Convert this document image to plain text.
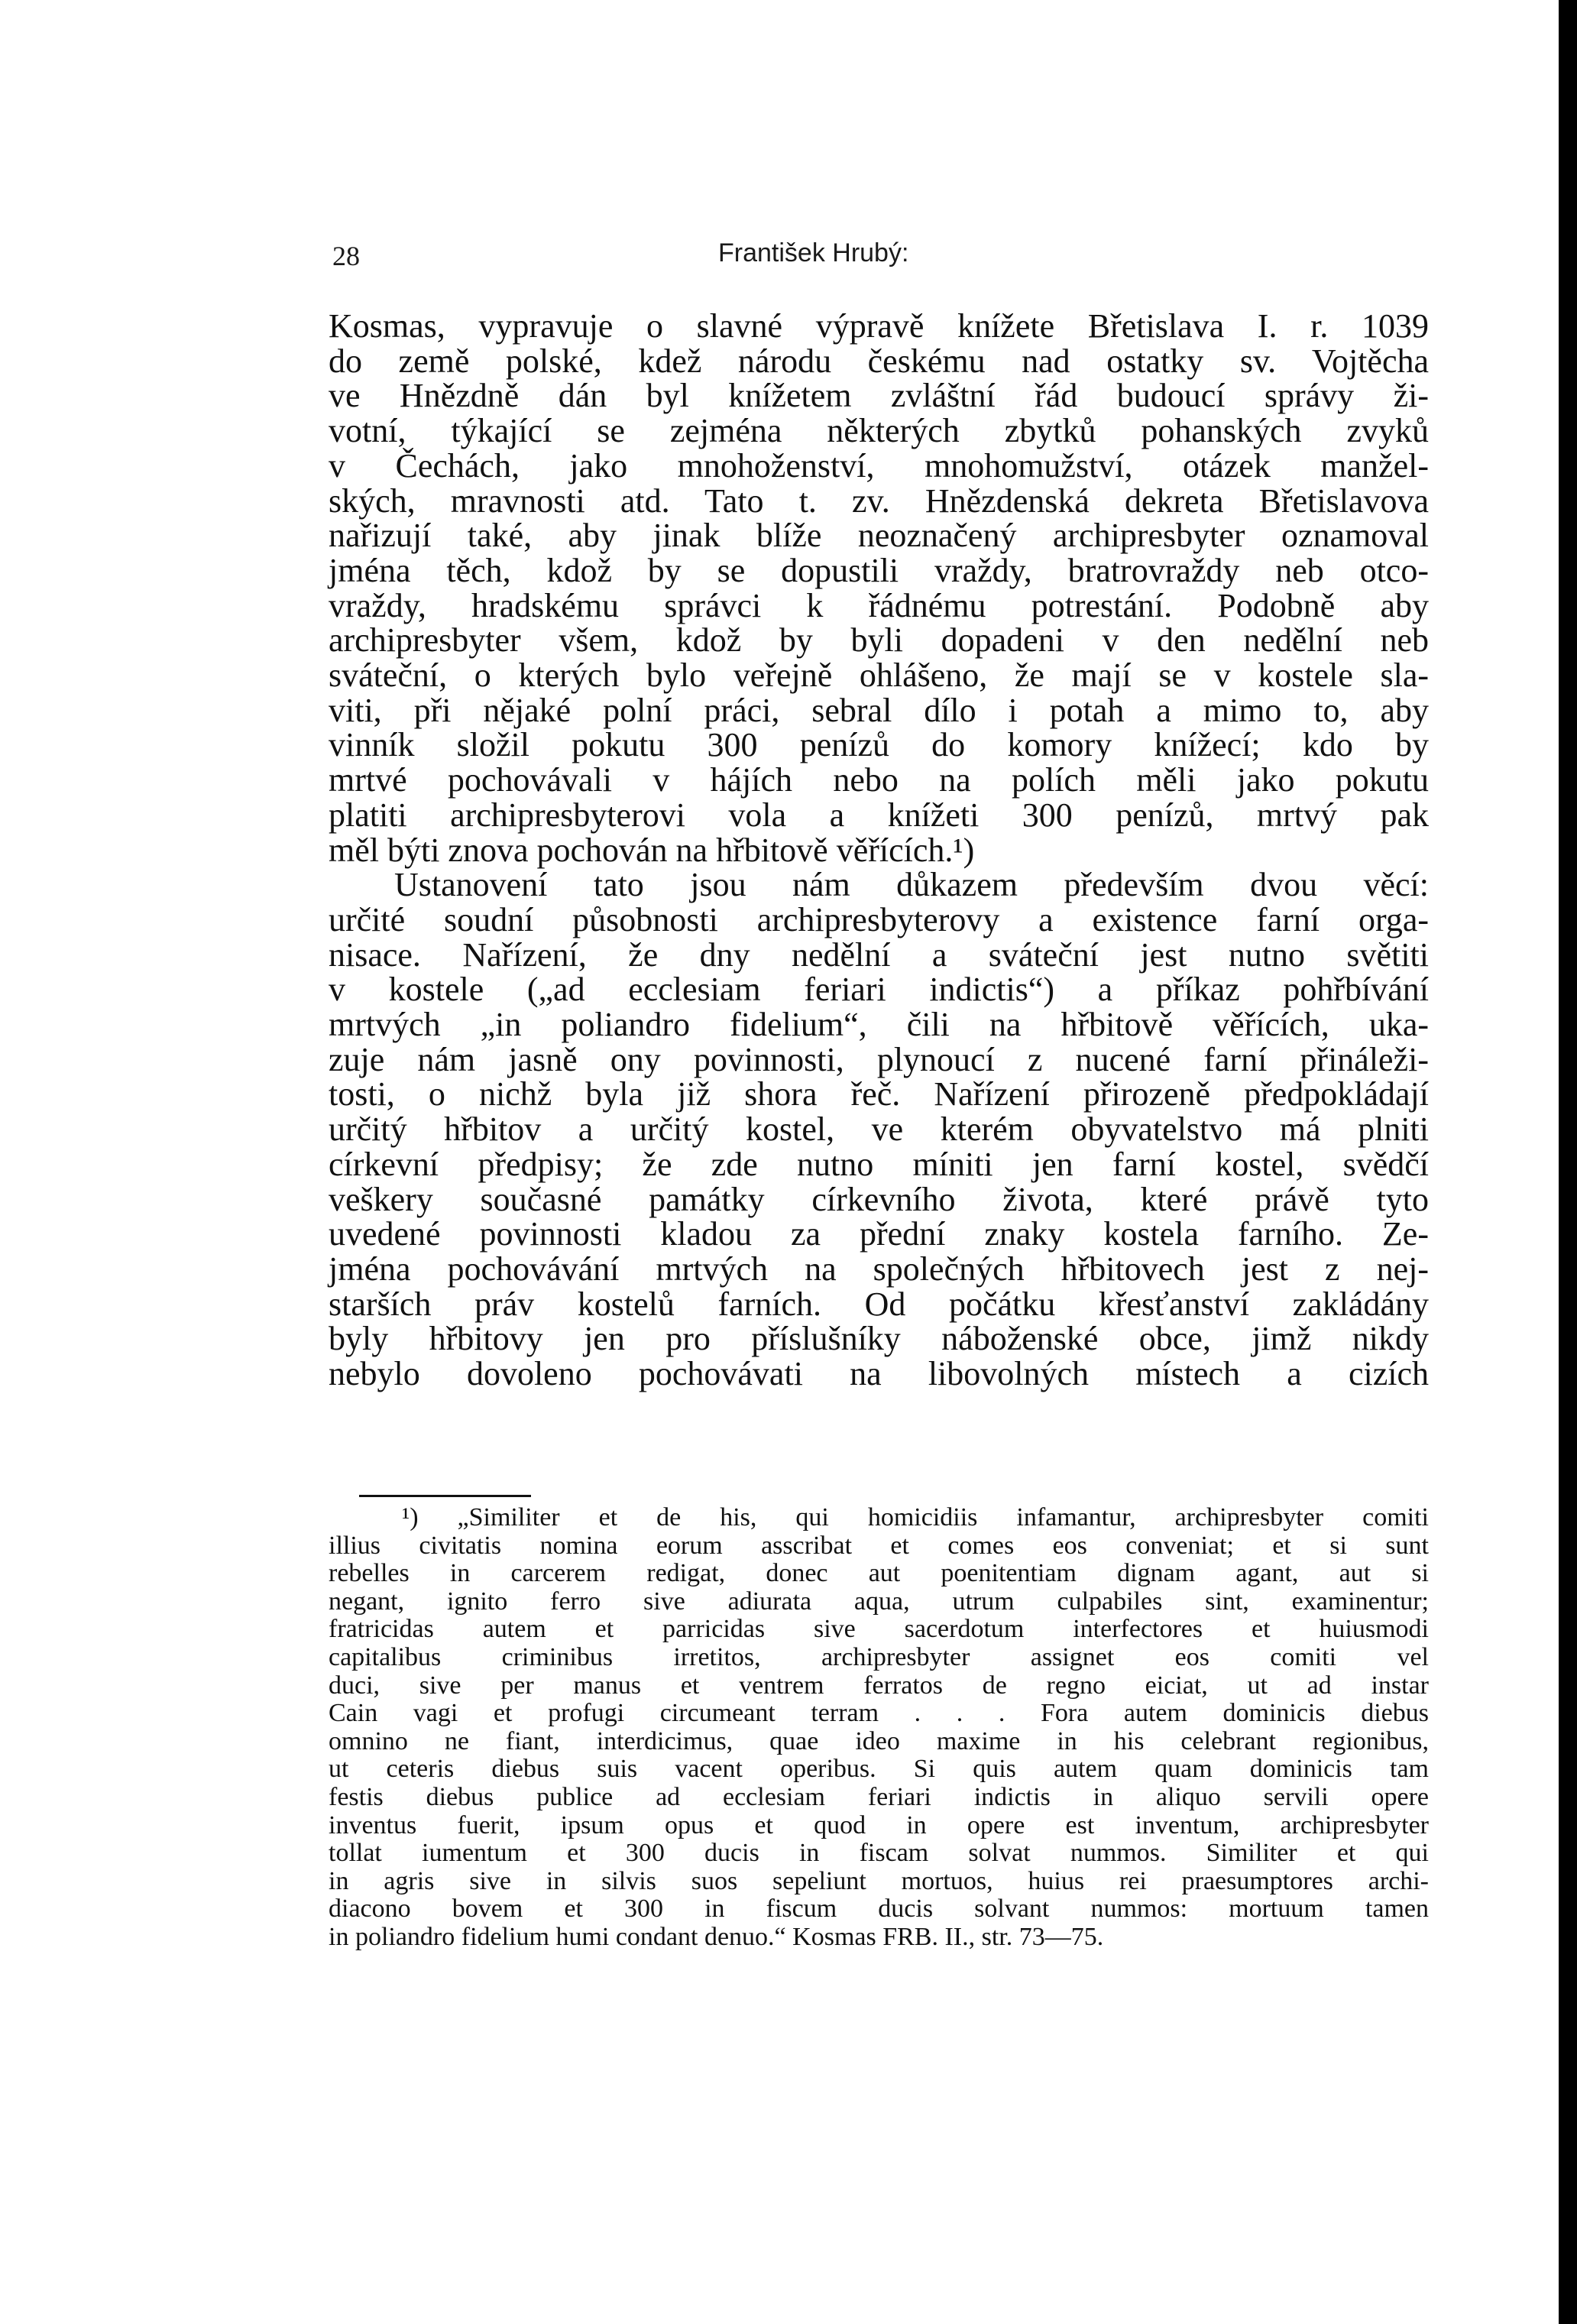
28	František Hrubý:
Kosmas, vypravuje o slavné výpravě knížete Břetislava I. r. 1039
do země polské, kdež národu českému nad ostatky sv. Vojtěcha
ve Hnězdně dán byl knížetem zvláštní řád budoucí správy ži-
votní, týkající se zejména některých zbytků pohanských zvyků
v Čechách, jako mnohoženství, mnohomužství, otázek manžel-
ských, mravnosti atd. Tato t. zv. Hnězdenská dekreta Břetislavova
nařizují také, aby jinak blíže neoznačený archipresbyter oznamoval
jména těch, kdož by se dopustili vraždy, bratrovraždy neb otco-
vraždy, hradskému správci k řádnému potrestání. Podobně aby
archipresbyter všem, kdož by byli dopadeni v den nedělní neb
sváteční, o kterých bylo veřejně ohlášeno, že mají se v kostele sla-
viti, při nějaké polní práci, sebral dílo i potah a mimo to, aby
vinník složil pokutu 300 penízů do komory knížecí; kdo by
mrtvé pochovávali v hájích nebo na polích měli jako pokutu
platiti archipresbyterovi vola a knížeti 300 penízů, mrtvý pak
měl býti znova pochován na hřbitově věřících.¹)
Ustanovení tato jsou nám důkazem především dvou věcí:
určité soudní působnosti archipresbyterovy a existence farní orga-
nisace. Nařízení, že dny nedělní a sváteční jest nutno světiti
v kostele („ad ecclesiam feriari indictis“) a příkaz pohřbívání
mrtvých „in poliandro fidelium“, čili na hřbitově věřících, uka-
zuje nám jasně ony povinnosti, plynoucí z nucené farní přináleži-
tosti, o nichž byla již shora řeč. Nařízení přirozeně předpokládají
určitý hřbitov a určitý kostel, ve kterém obyvatelstvo má plniti
církevní předpisy; že zde nutno míniti jen farní kostel, svědčí
veškery současné památky církevního života, které právě tyto
uvedené povinnosti kladou za přední znaky kostela farního. Ze-
jména pochovávání mrtvých na společných hřbitovech jest z nej-
starších práv kostelů farních. Od počátku křesťanství zakládány
byly hřbitovy jen pro příslušníky náboženské obce, jimž nikdy
nebylo dovoleno pochovávati na libovolných místech a cizích
¹) „Similiter et de his, qui homicidiis infamantur, archipresbyter comiti
illius civitatis nomina eorum asscribat et comes eos conveniat; et si sunt
rebelles in carcerem redigat, donec aut poenitentiam dignam agant, aut si
negant, ignito ferro sive adiurata aqua, utrum culpabiles sint, examinentur;
fratricidas autem et parricidas sive sacerdotum interfectores et huiusmodi
capitalibus criminibus irretitos, archipresbyter assignet eos comiti vel
duci, sive per manus et ventrem ferratos de regno eiciat, ut ad instar
Cain vagi et profugi circumeant terram . . . Fora autem dominicis diebus
omnino ne fiant, interdicimus, quae ideo maxime in his celebrant regionibus,
ut ceteris diebus suis vacent operibus. Si quis autem quam dominicis tam
festis diebus publice ad ecclesiam feriari indictis in aliquo servili opere
inventus fuerit, ipsum opus et quod in opere est inventum, archipresbyter
tollat iumentum et 300 ducis in fiscam solvat nummos. Similiter et qui
in agris sive in silvis suos sepeliunt mortuos, huius rei praesumptores archi-
diacono bovem et 300 in fiscum ducis solvant nummos: mortuum tamen
in poliandro fidelium humi condant denuo.“ Kosmas FRB. II., str. 73—75.
